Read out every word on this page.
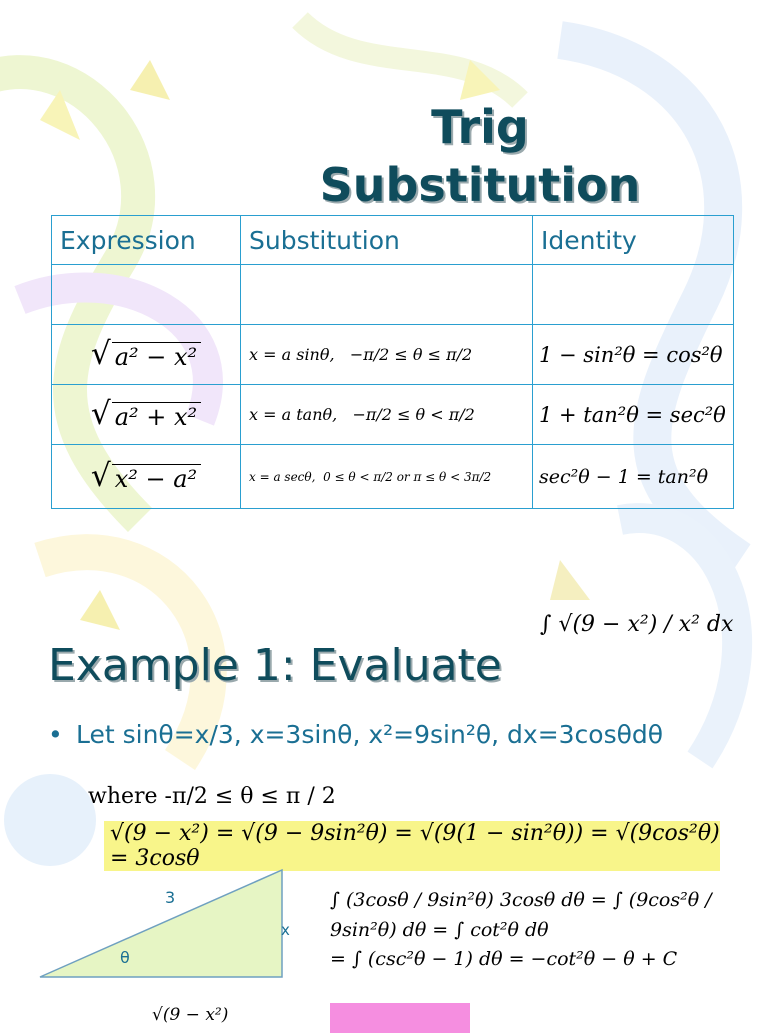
Trig
Substitution
Expression	Substitution	Identity

√ a² − x²	x = a sinθ, −π/2 ≤ θ ≤ π/2	1 − sin²θ = cos²θ

√ a² + x²	x = a tanθ, −π/2 ≤ θ < π/2	1 + tan²θ = sec²θ

√ x² − a²	x = a secθ, 0 ≤ θ < π/2 or π ≤ θ < 3π/2	sec²θ − 1 = tan²θ
Example 1: Evaluate
∫ √(9 − x²) / x² dx
• Let sinθ=x/3, x=3sinθ, x²=9sin²θ, dx=3cosθdθ
where -π/2 ≤ θ ≤ π / 2
√(9 − x²) = √(9 − 9sin²θ) = √(9(1 − sin²θ)) = √(9cos²θ) = 3cosθ
3
x
θ
√(9 − x²)
∫ (3cosθ / 9sin²θ) 3cosθ dθ = ∫ (9cos²θ / 9sin²θ) dθ = ∫ cot²θ dθ
= ∫ (csc²θ − 1) dθ = −cot²θ − θ + C
